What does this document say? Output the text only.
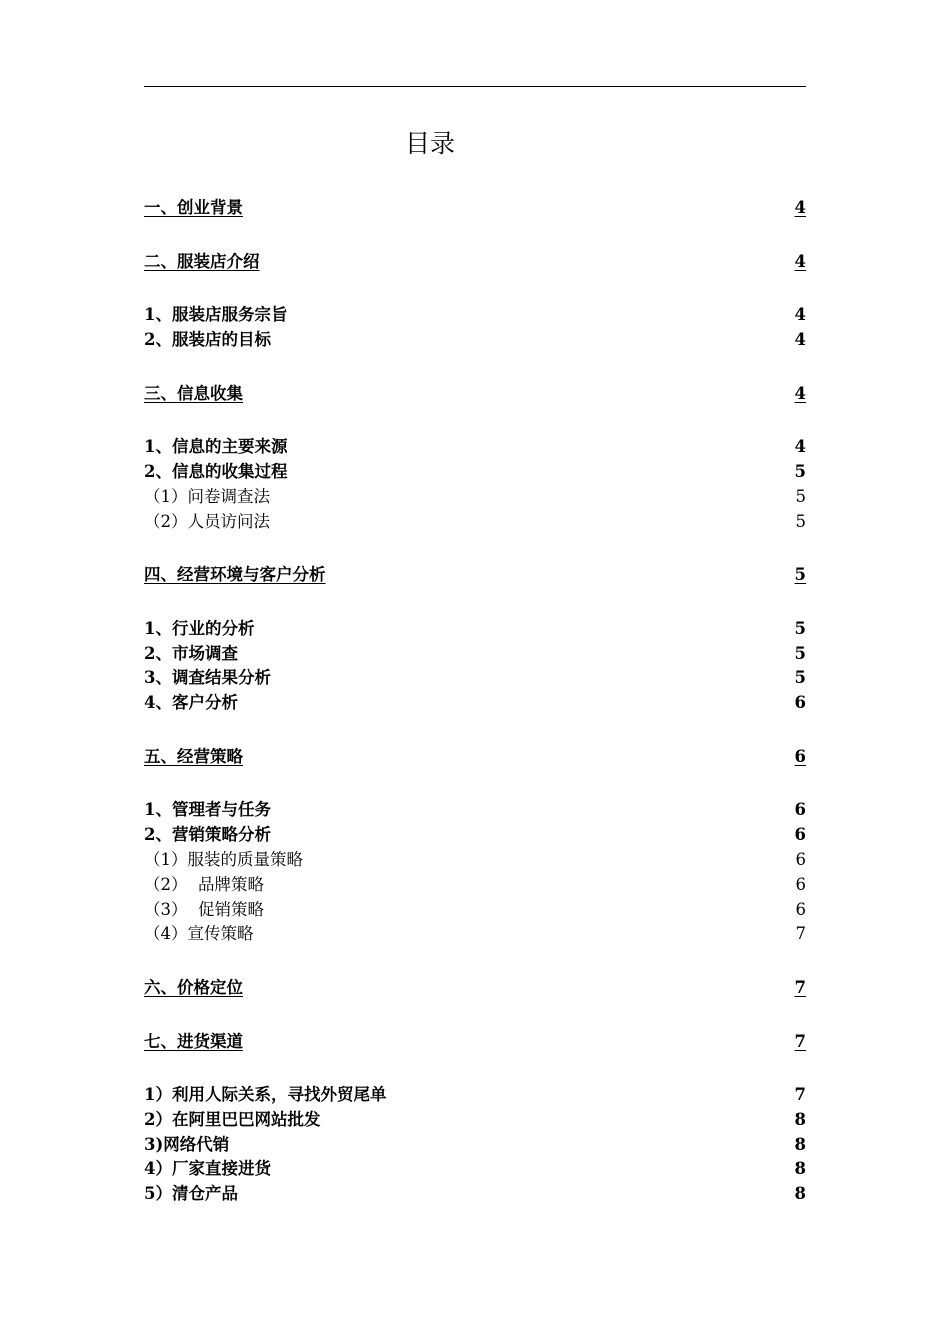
目录
一、创业背景	4
二、服装店介绍	4
1、服装店服务宗旨	4
2、服装店的目标	4
三、信息收集	4
1、信息的主要来源	4
2、信息的收集过程	5
（1）问卷调查法	5
（2）人员访问法	5
四、经营环境与客户分析	5
1、行业的分析	5
2、市场调查	5
3、调查结果分析	5
4、客户分析	6
五、经营策略	6
1、管理者与任务	6
2、营销策略分析	6
（1）服装的质量策略	6
（2）  品牌策略	6
（3）  促销策略	6
（4）宣传策略	7
六、价格定位	7
七、进货渠道	7
1）利用人际关系，寻找外贸尾单	7
2）在阿里巴巴网站批发	8
3)网络代销	8
4）厂家直接进货	8
5）清仓产品	8
